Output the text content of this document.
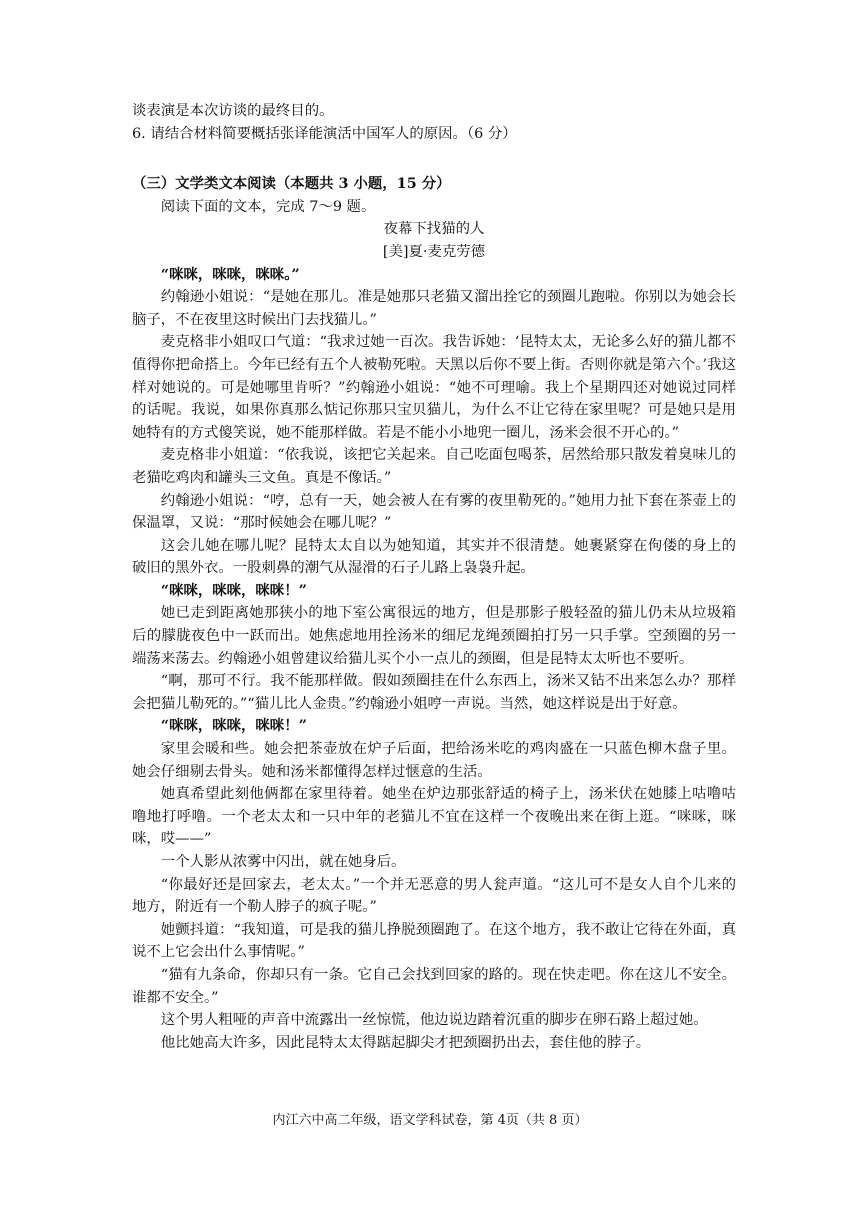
谈表演是本次访谈的最终目的。

6. 请结合材料简要概括张译能演活中国军人的原因。（6 分）

（三）文学类文本阅读（本题共 3 小题，15 分）

阅读下面的文本，完成 7～9 题。

夜幕下找猫的人

[美]夏·麦克劳德

“咪咪，咪咪，咪咪。”

约翰逊小姐说：“是她在那儿。准是她那只老猫又溜出拴它的颈圈儿跑啦。你别以为她会长脑子，不在夜里这时候出门去找猫儿。”

麦克格非小姐叹口气道：“我求过她一百次。我告诉她：‘昆特太太，无论多么好的猫儿都不值得你把命搭上。今年已经有五个人被勒死啦。天黑以后你不要上街。否则你就是第六个。’我这样对她说的。可是她哪里肯听？”约翰逊小姐说：“她不可理喻。我上个星期四还对她说过同样的话呢。我说，如果你真那么惦记你那只宝贝猫儿，为什么不让它待在家里呢？可是她只是用她特有的方式傻笑说，她不能那样做。若是不能小小地兜一圈儿，汤米会很不开心的。”

麦克格非小姐道：“依我说，该把它关起来。自己吃面包喝茶，居然给那只散发着臭味儿的老猫吃鸡肉和罐头三文鱼。真是不像话。”

约翰逊小姐说：“哼，总有一天，她会被人在有雾的夜里勒死的。”她用力扯下套在茶壶上的保温罩，又说：“那时候她会在哪儿呢？”

这会儿她在哪儿呢？昆特太太自以为她知道，其实并不很清楚。她裹紧穿在佝偻的身上的破旧的黑外衣。一股刺鼻的潮气从湿滑的石子儿路上袅袅升起。

“咪咪，咪咪，咪咪！”

她已走到距离她那狭小的地下室公寓很远的地方，但是那影子般轻盈的猫儿仍未从垃圾箱后的朦胧夜色中一跃而出。她焦虑地用拴汤米的细尼龙绳颈圈拍打另一只手掌。空颈圈的另一端荡来荡去。约翰逊小姐曾建议给猫儿买个小一点儿的颈圈，但是昆特太太听也不要听。

“啊，那可不行。我不能那样做。假如颈圈挂在什么东西上，汤米又钻不出来怎么办？那样会把猫儿勒死的。”“猫儿比人金贵。”约翰逊小姐哼一声说。当然，她这样说是出于好意。

“咪咪，咪咪，咪咪！”

家里会暖和些。她会把茶壶放在炉子后面，把给汤米吃的鸡肉盛在一只蓝色柳木盘子里。她会仔细剔去骨头。她和汤米都懂得怎样过惬意的生活。

她真希望此刻他俩都在家里待着。她坐在炉边那张舒适的椅子上，汤米伏在她膝上咕噜咕噜地打呼噜。一个老太太和一只中年的老猫儿不宜在这样一个夜晚出来在街上逛。“咪咪，咪咪，哎——”

一个人影从浓雾中闪出，就在她身后。

“你最好还是回家去，老太太。”一个并无恶意的男人瓮声道。“这儿可不是女人自个儿来的地方，附近有一个勒人脖子的疯子呢。”

她颤抖道：“我知道，可是我的猫儿挣脱颈圈跑了。在这个地方，我不敢让它待在外面，真说不上它会出什么事情呢。”

“猫有九条命，你却只有一条。它自己会找到回家的路的。现在快走吧。你在这儿不安全。谁都不安全。”

这个男人粗哑的声音中流露出一丝惊慌，他边说边踏着沉重的脚步在卵石路上超过她。

他比她高大许多，因此昆特太太得踮起脚尖才把颈圈扔出去，套住他的脖子。

内江六中高二年级，语文学科试卷，第 4页（共 8 页）
